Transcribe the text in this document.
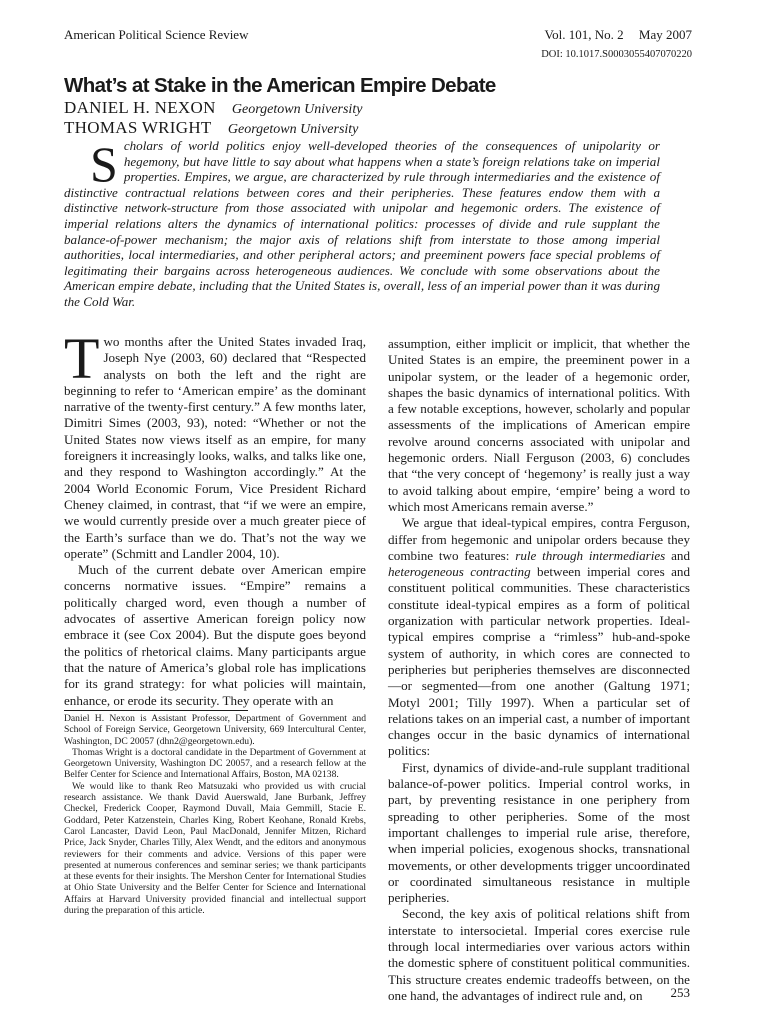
American Political Science Review	Vol. 101, No. 2 May 2007
DOI: 10.1017.S0003055407070220
What’s at Stake in the American Empire Debate
DANIEL H. NEXON Georgetown University
THOMAS WRIGHT Georgetown University

Scholars of world politics enjoy well-developed theories of the consequences of unipolarity or hegemony, but have little to say about what happens when a state’s foreign relations take on imperial properties. Empires, we argue, are characterized by rule through intermediaries and the existence of distinctive contractual relations between cores and their peripheries. These features endow them with a distinctive network-structure from those associated with unipolar and hegemonic orders. The existence of imperial relations alters the dynamics of international politics: processes of divide and rule supplant the balance-of-power mechanism; the major axis of relations shift from interstate to those among imperial authorities, local intermediaries, and other peripheral actors; and preeminent powers face special problems of legitimating their bargains across heterogeneous audiences. We conclude with some observations about the American empire debate, including that the United States is, overall, less of an imperial power than it was during the Cold War.

Two months after the United States invaded Iraq, Joseph Nye (2003, 60) declared that “Respected analysts on both the left and the right are beginning to refer to ‘American empire’ as the dominant narrative of the twenty-first century.” A few months later, Dimitri Simes (2003, 93), noted: “Whether or not the United States now views itself as an empire, for many foreigners it increasingly looks, walks, and talks like one, and they respond to Washington accordingly.” At the 2004 World Economic Forum, Vice President Richard Cheney claimed, in contrast, that “if we were an empire, we would currently preside over a much greater piece of the Earth’s surface than we do. That’s not the way we operate” (Schmitt and Landler 2004, 10).

Much of the current debate over American empire concerns normative issues. “Empire” remains a politically charged word, even though a number of advocates of assertive American foreign policy now embrace it (see Cox 2004). But the dispute goes beyond the politics of rhetorical claims. Many participants argue that the nature of America’s global role has implications for its grand strategy: for what policies will maintain, enhance, or erode its security. They operate with an

Daniel H. Nexon is Assistant Professor, Department of Government and School of Foreign Service, Georgetown University, 669 Intercultural Center, Washington, DC 20057 (dhn2@georgetown.edu).

Thomas Wright is a doctoral candidate in the Department of Government at Georgetown University, Washington DC 20057, and a research fellow at the Belfer Center for Science and International Affairs, Boston, MA 02138.

We would like to thank Reo Matsuzaki who provided us with crucial research assistance. We thank David Auerswald, Jane Burbank, Jeffrey Checkel, Frederick Cooper, Raymond Duvall, Maia Gemmill, Stacie E. Goddard, Peter Katzenstein, Charles King, Robert Keohane, Ronald Krebs, Carol Lancaster, David Leon, Paul MacDonald, Jennifer Mitzen, Richard Price, Jack Snyder, Charles Tilly, Alex Wendt, and the editors and anonymous reviewers for their comments and advice. Versions of this paper were presented at numerous conferences and seminar series; we thank participants at these events for their insights. The Mershon Center for International Studies at Ohio State University and the Belfer Center for Science and International Affairs at Harvard University provided financial and intellectual support during the preparation of this article.

assumption, either implicit or implicit, that whether the United States is an empire, the preeminent power in a unipolar system, or the leader of a hegemonic order, shapes the basic dynamics of international politics. With a few notable exceptions, however, scholarly and popular assessments of the implications of American empire revolve around concerns associated with unipolar and hegemonic orders. Niall Ferguson (2003, 6) concludes that “the very concept of ‘hegemony’ is really just a way to avoid talking about empire, ‘empire’ being a word to which most Americans remain averse.”

We argue that ideal-typical empires, contra Ferguson, differ from hegemonic and unipolar orders because they combine two features: rule through intermediaries and heterogeneous contracting between imperial cores and constituent political communities. These characteristics constitute ideal-typical empires as a form of political organization with particular network properties. Ideal-typical empires comprise a “rimless” hub-and-spoke system of authority, in which cores are connected to peripheries but peripheries themselves are disconnected—or segmented—from one another (Galtung 1971; Motyl 2001; Tilly 1997). When a particular set of relations takes on an imperial cast, a number of important changes occur in the basic dynamics of international politics:

First, dynamics of divide-and-rule supplant traditional balance-of-power politics. Imperial control works, in part, by preventing resistance in one periphery from spreading to other peripheries. Some of the most important challenges to imperial rule arise, therefore, when imperial policies, exogenous shocks, transnational movements, or other developments trigger uncoordinated or coordinated simultaneous resistance in multiple peripheries.

Second, the key axis of political relations shift from interstate to intersocietal. Imperial cores exercise rule through local intermediaries over various actors within the domestic sphere of constituent political communities. This structure creates endemic tradeoffs between, on the one hand, the advantages of indirect rule and, on	253
